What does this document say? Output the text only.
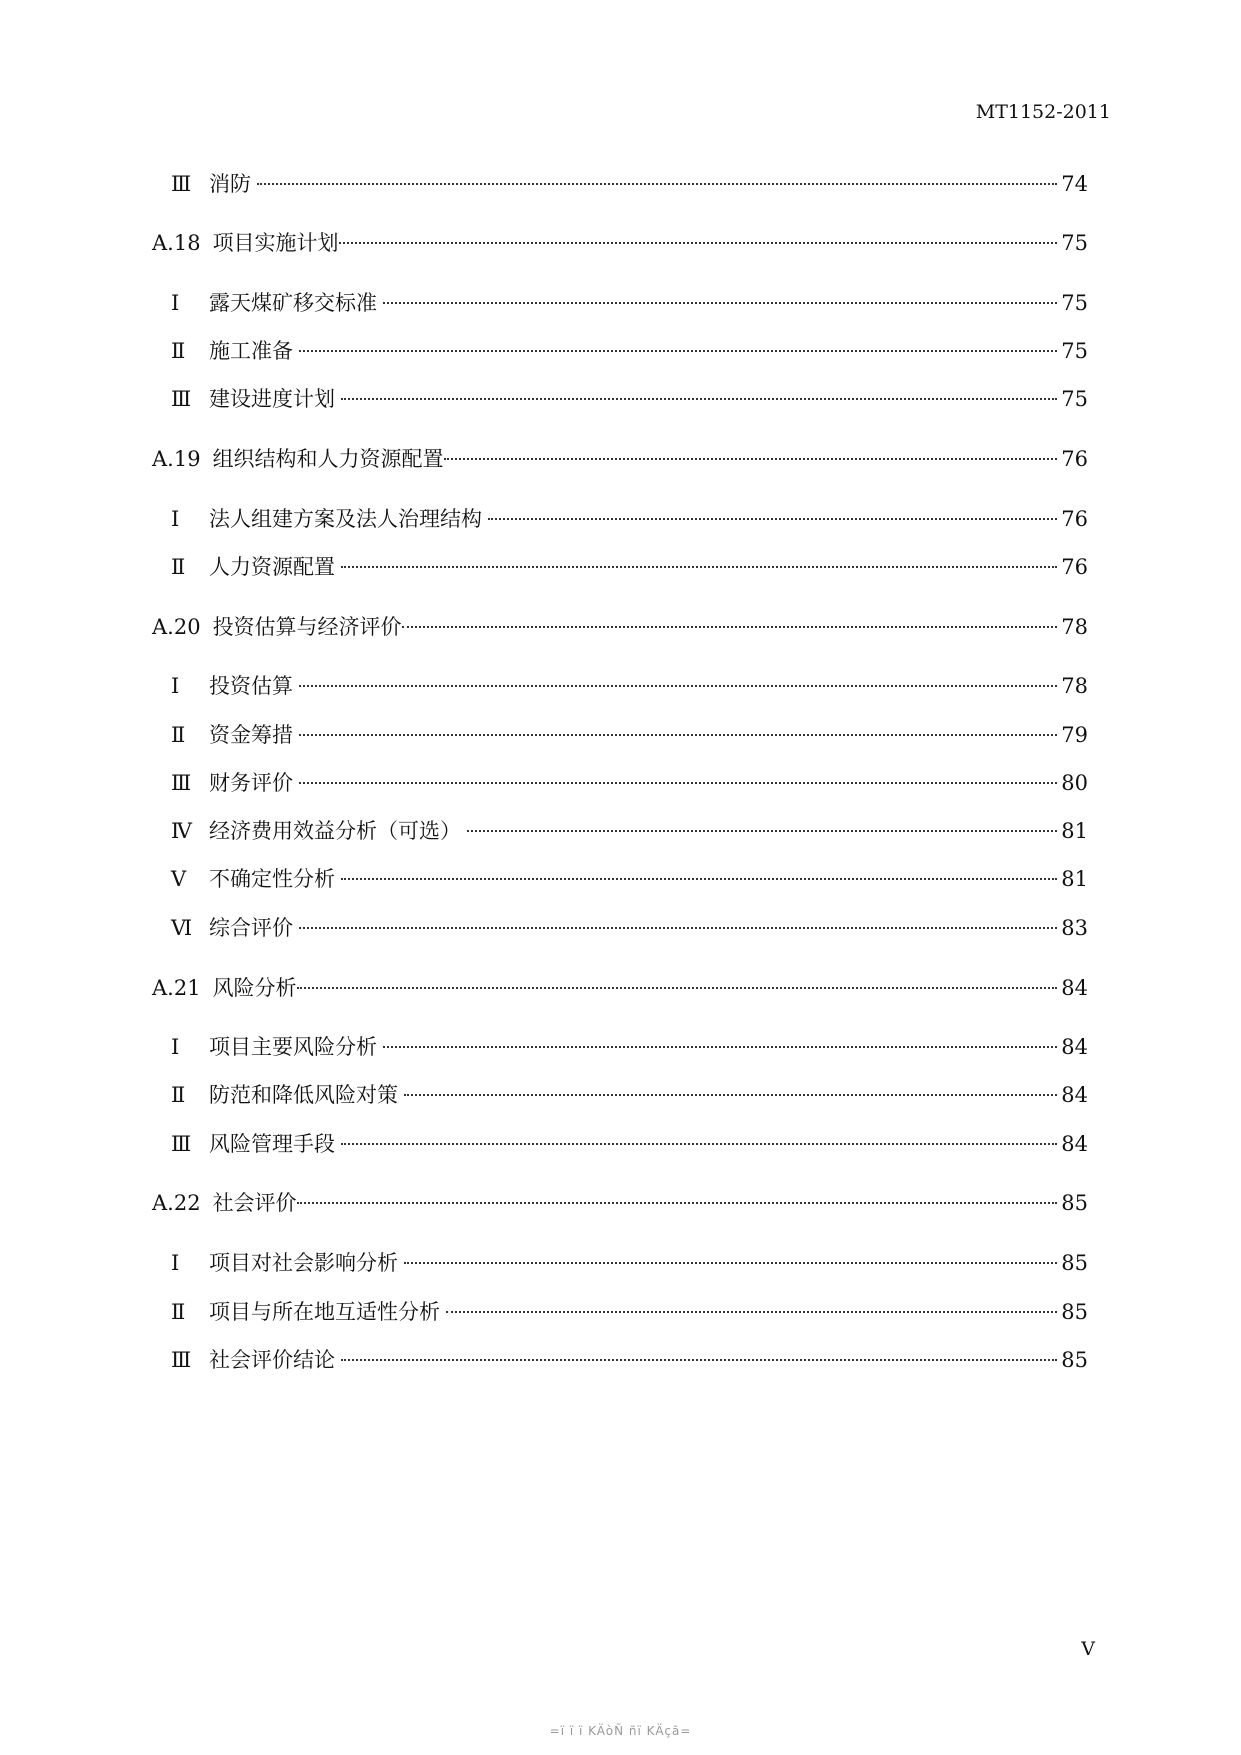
MT1152-2011
Ⅲ 消防	74
A.18 项目实施计划	75
Ⅰ	露天煤矿移交标准	75
Ⅱ	施工准备	75
Ⅲ 建设进度计划	75
A.19 组织结构和人力资源配置	76
Ⅰ	法人组建方案及法人治理结构	76
Ⅱ	人力资源配置	76
A.20 投资估算与经济评价	78
Ⅰ	投资估算	78
Ⅱ	资金筹措	79
Ⅲ 财务评价	80
Ⅳ 经济费用效益分析（可选）	81
Ⅴ	不确定性分析	81
Ⅵ 综合评价	83
A.21 风险分析	84
Ⅰ	项目主要风险分析	84
Ⅱ	防范和降低风险对策	84
Ⅲ 风险管理手段	84
A.22 社会评价	85
Ⅰ	项目对社会影响分析	85
Ⅱ	项目与所在地互适性分析	85
Ⅲ 社会评价结论	85
V
=ï ï ï KÄòÑ ñï KÄçã=
